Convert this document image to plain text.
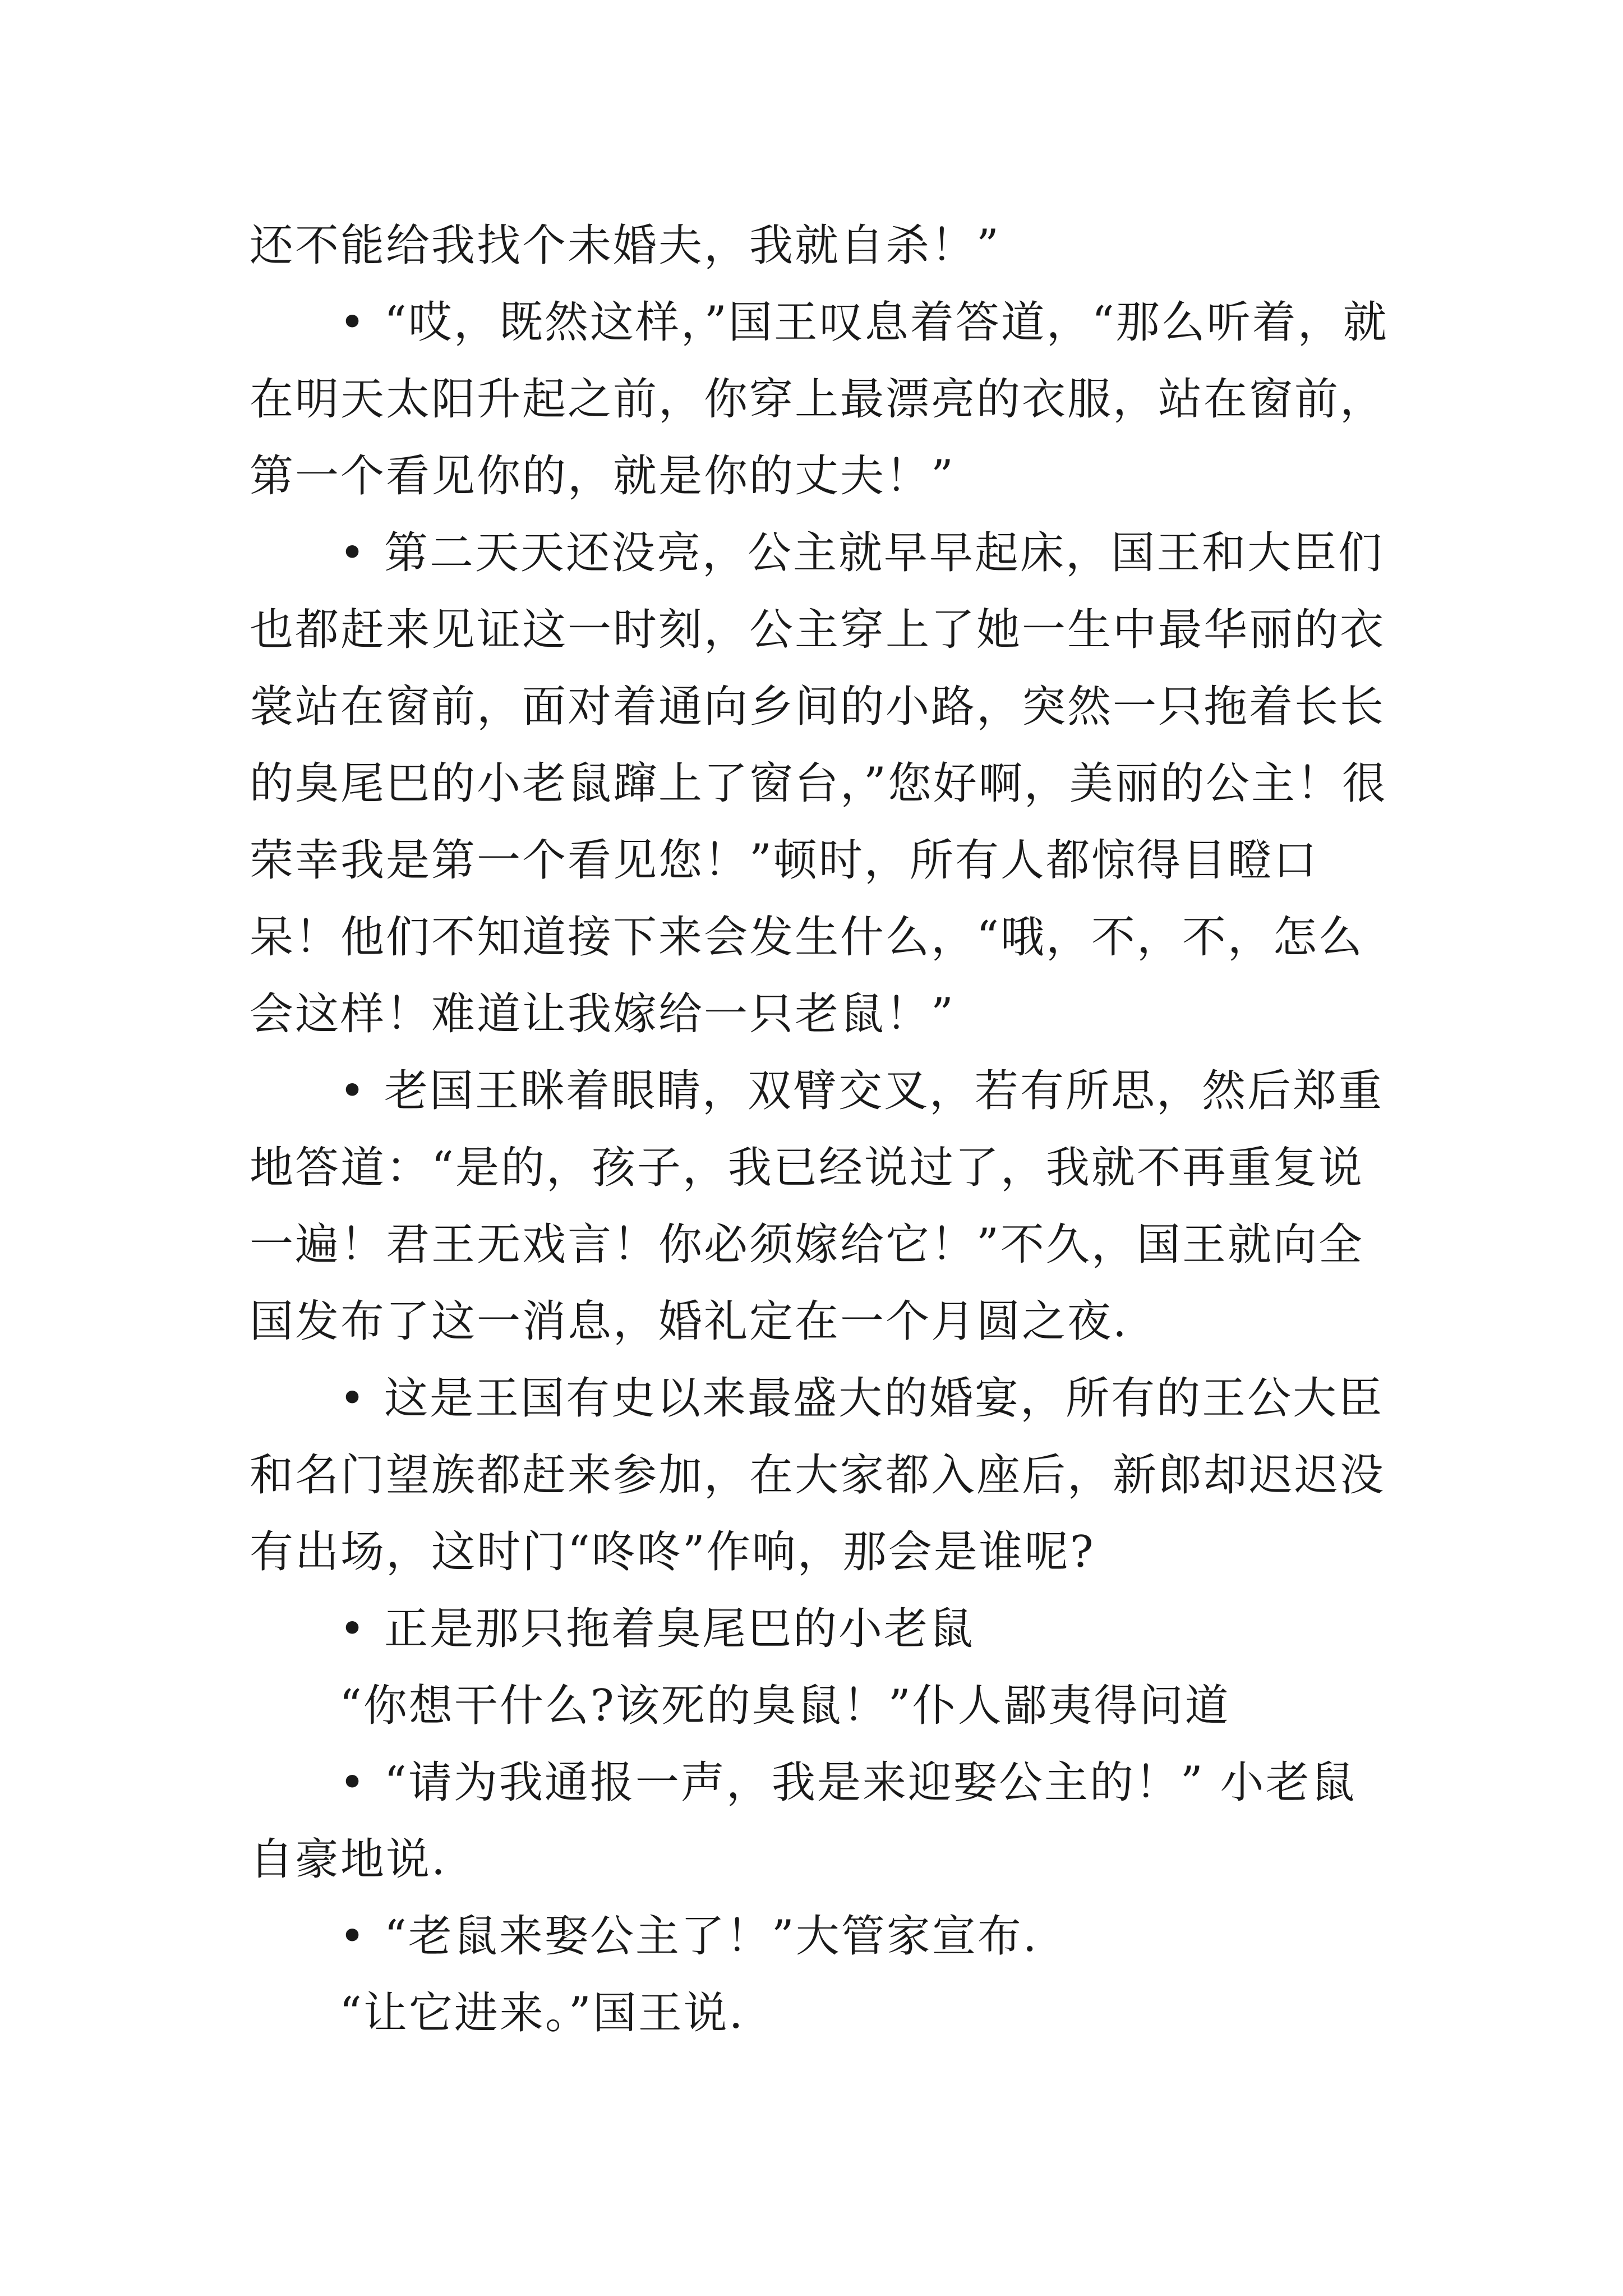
还不能给我找个未婚夫，我就自杀！”

• “哎，既然这样，”国王叹息着答道，“那么听着，就在明天太阳升起之前，你穿上最漂亮的衣服，站在窗前，第一个看见你的，就是你的丈夫！”

• 第二天天还没亮，公主就早早起床，国王和大臣们也都赶来见证这一时刻，公主穿上了她一生中最华丽的衣裳站在窗前，面对着通向乡间的小路，突然一只拖着长长的臭尾巴的小老鼠蹿上了窗台，”您好啊，美丽的公主！很荣幸我是第一个看见您！”顿时，所有人都惊得目瞪口呆！他们不知道接下来会发生什么，“哦，不，不，怎么会这样！难道让我嫁给一只老鼠！”

• 老国王眯着眼睛，双臂交叉，若有所思，然后郑重地答道：“是的，孩子，我已经说过了，我就不再重复说一遍！君王无戏言！你必须嫁给它！”不久，国王就向全国发布了这一消息，婚礼定在一个月圆之夜.

• 这是王国有史以来最盛大的婚宴，所有的王公大臣和名门望族都赶来参加，在大家都入座后，新郎却迟迟没有出场，这时门“咚咚”作响，那会是谁呢?

• 正是那只拖着臭尾巴的小老鼠

“你想干什么?该死的臭鼠！”仆人鄙夷得问道

• “请为我通报一声，我是来迎娶公主的！” 小老鼠自豪地说.

• “老鼠来娶公主了！”大管家宣布.

“让它进来。”国王说.
